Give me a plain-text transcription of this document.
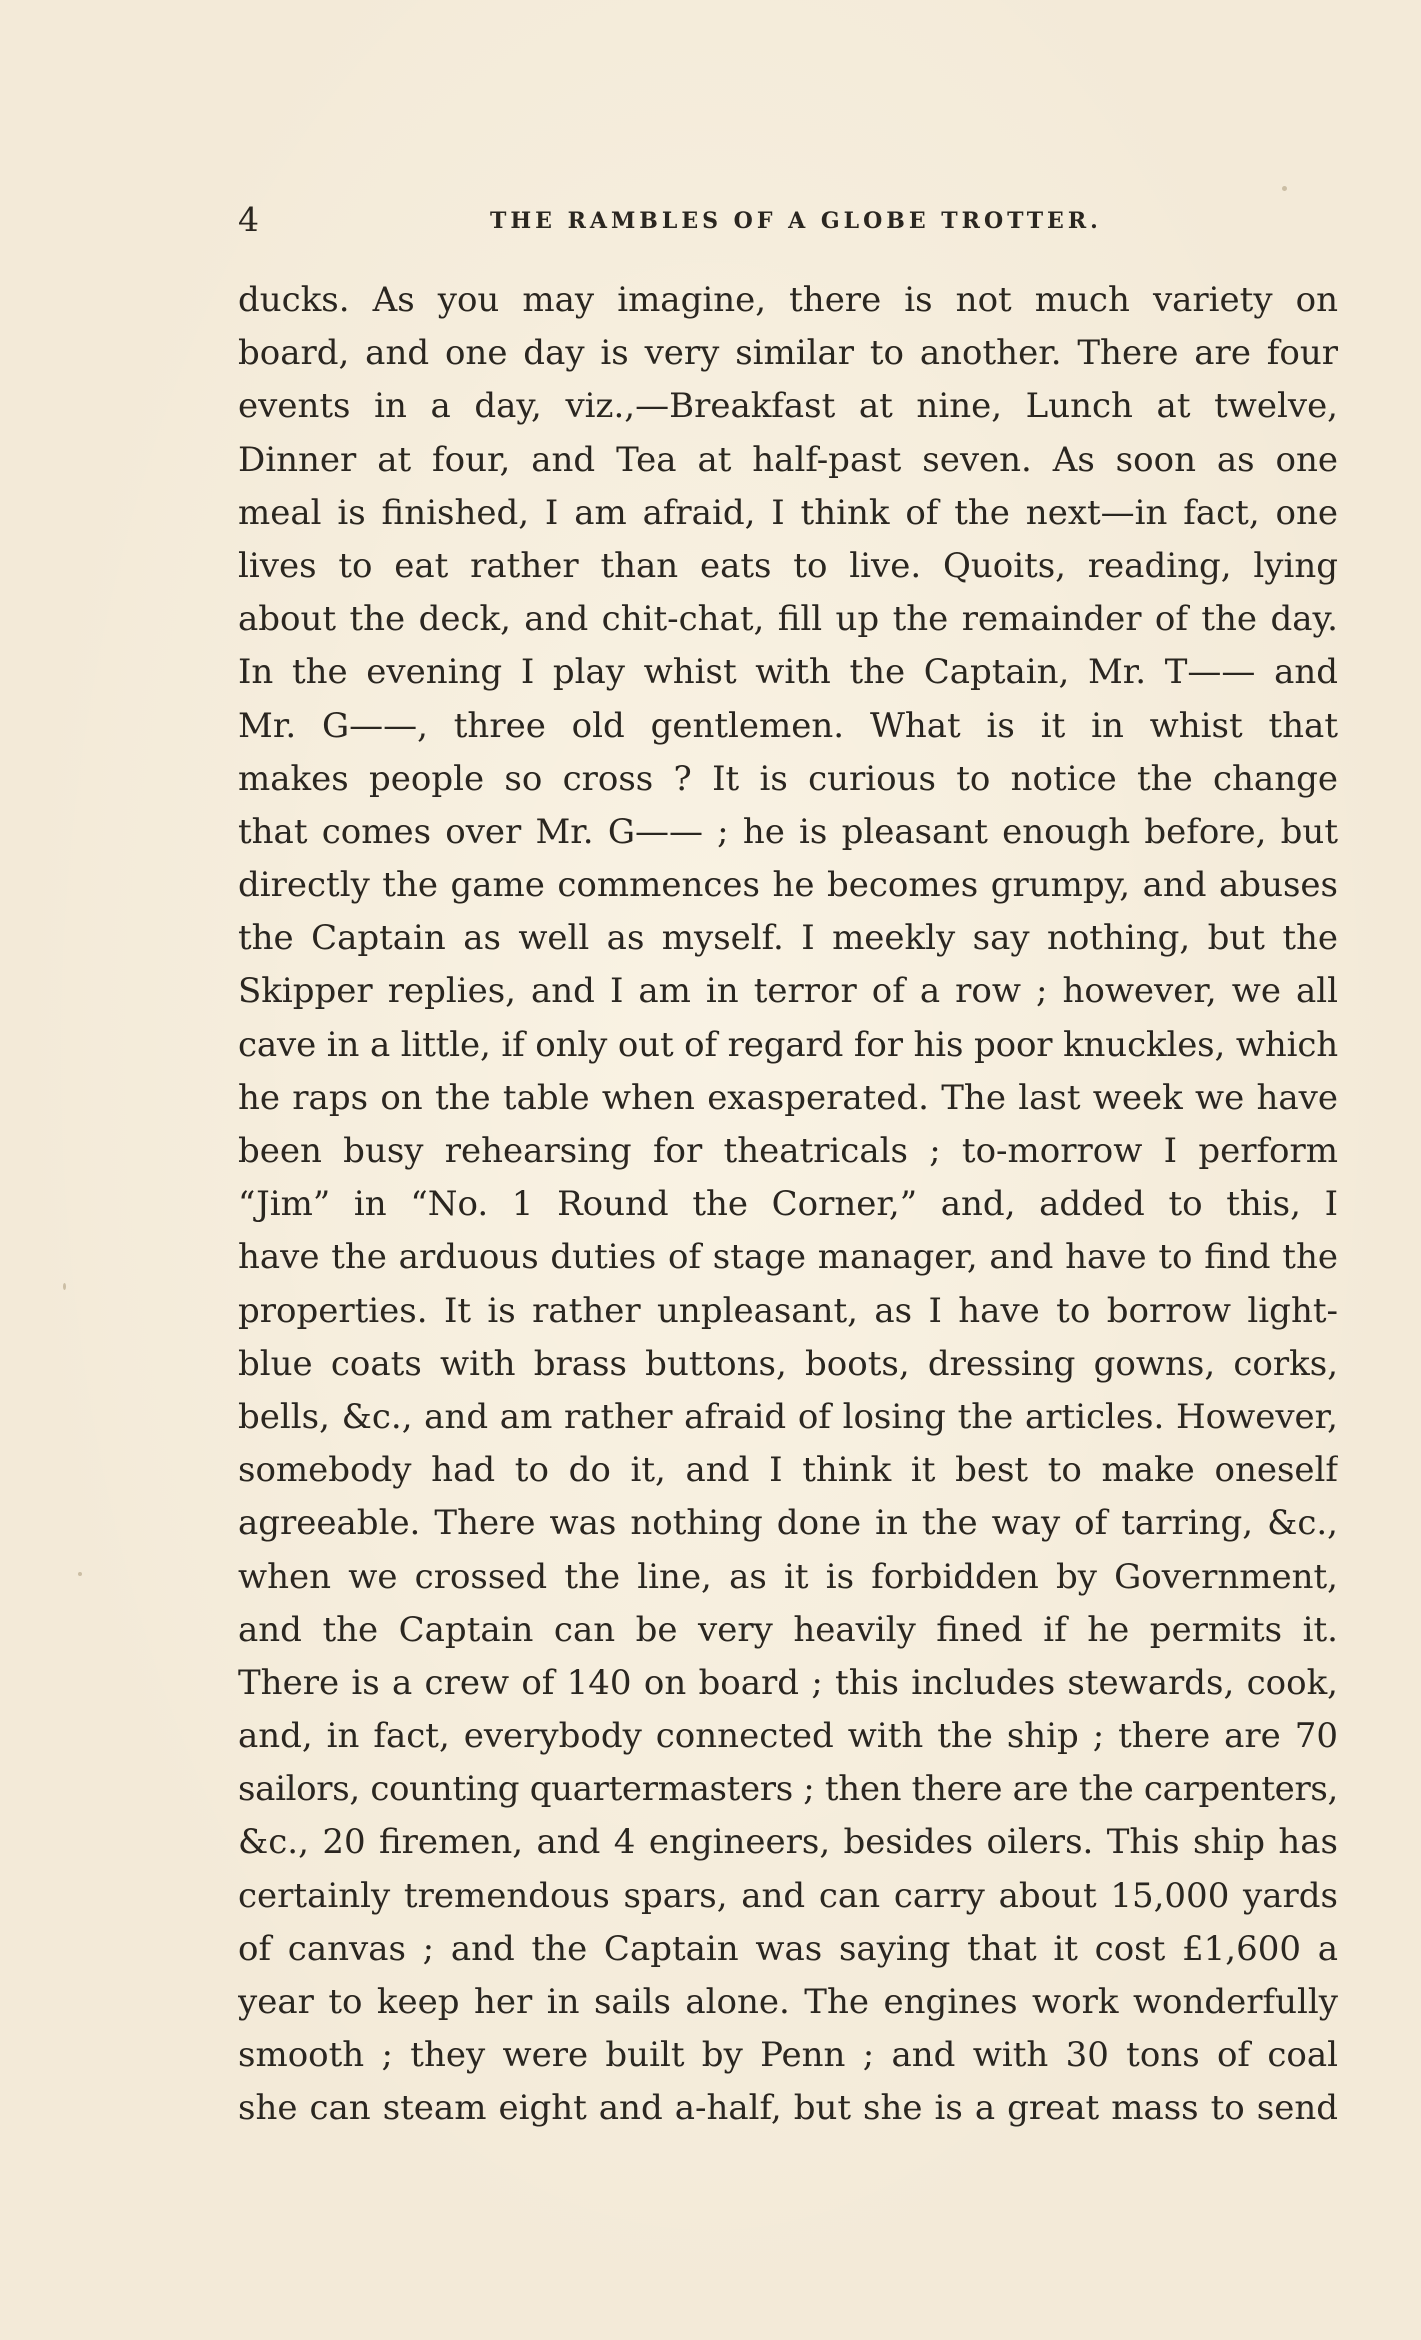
4	THE RAMBLES OF A GLOBE TROTTER.
ducks. As you may imagine, there is not much variety on
board, and one day is very similar to another. There are four
events in a day, viz.,—Breakfast at nine, Lunch at twelve,
Dinner at four, and Tea at half-past seven. As soon as one
meal is finished, I am afraid, I think of the next—in fact, one
lives to eat rather than eats to live. Quoits, reading, lying
about the deck, and chit-chat, fill up the remainder of the day.
In the evening I play whist with the Captain, Mr. T—— and
Mr. G——, three old gentlemen. What is it in whist that
makes people so cross ? It is curious to notice the change
that comes over Mr. G—— ; he is pleasant enough before, but
directly the game commences he becomes grumpy, and abuses
the Captain as well as myself. I meekly say nothing, but the
Skipper replies, and I am in terror of a row ; however, we all
cave in a little, if only out of regard for his poor knuckles, which
he raps on the table when exasperated. The last week we have
been busy rehearsing for theatricals ; to-morrow I perform
“Jim” in “No. 1 Round the Corner,” and, added to this, I
have the arduous duties of stage manager, and have to find the
properties. It is rather unpleasant, as I have to borrow light-
blue coats with brass buttons, boots, dressing gowns, corks,
bells, &c., and am rather afraid of losing the articles. However,
somebody had to do it, and I think it best to make oneself
agreeable. There was nothing done in the way of tarring, &c.,
when we crossed the line, as it is forbidden by Government,
and the Captain can be very heavily fined if he permits it.
There is a crew of 140 on board ; this includes stewards, cook,
and, in fact, everybody connected with the ship ; there are 70
sailors, counting quartermasters ; then there are the carpenters,
&c., 20 firemen, and 4 engineers, besides oilers. This ship has
certainly tremendous spars, and can carry about 15,000 yards
of canvas ; and the Captain was saying that it cost £1,600 a
year to keep her in sails alone. The engines work wonderfully
smooth ; they were built by Penn ; and with 30 tons of coal
she can steam eight and a-half, but she is a great mass to send
